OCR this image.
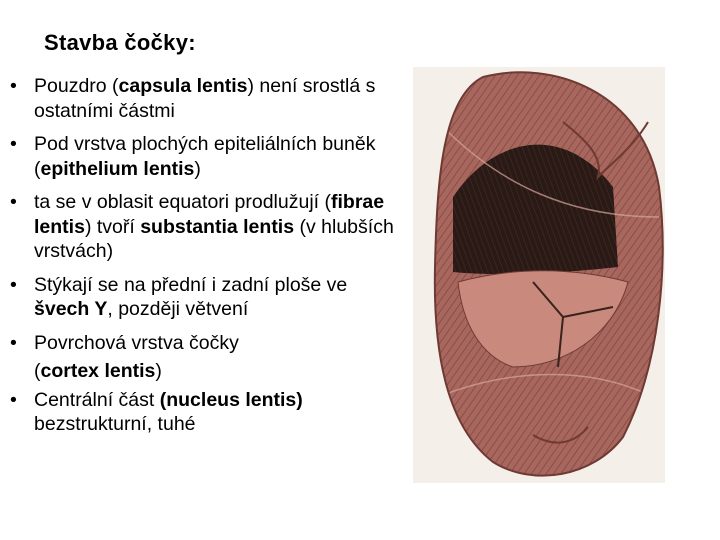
Stavba čočky:
• Pouzdro (capsula lentis) není srostlá s ostatními částmi
• Pod vrstva plochých epiteliálních buněk (epithelium lentis)
• ta se v oblasit equatori prodlužují (fibrae lentis) tvoří substantia lentis (v hlubších vrstvách)
• Stýkají se na přední i zadní ploše ve švech Y, později větvení
• Povrchová vrstva čočky
(cortex lentis)
• Centrální část (nucleus lentis) bezstrukturní, tuhé
